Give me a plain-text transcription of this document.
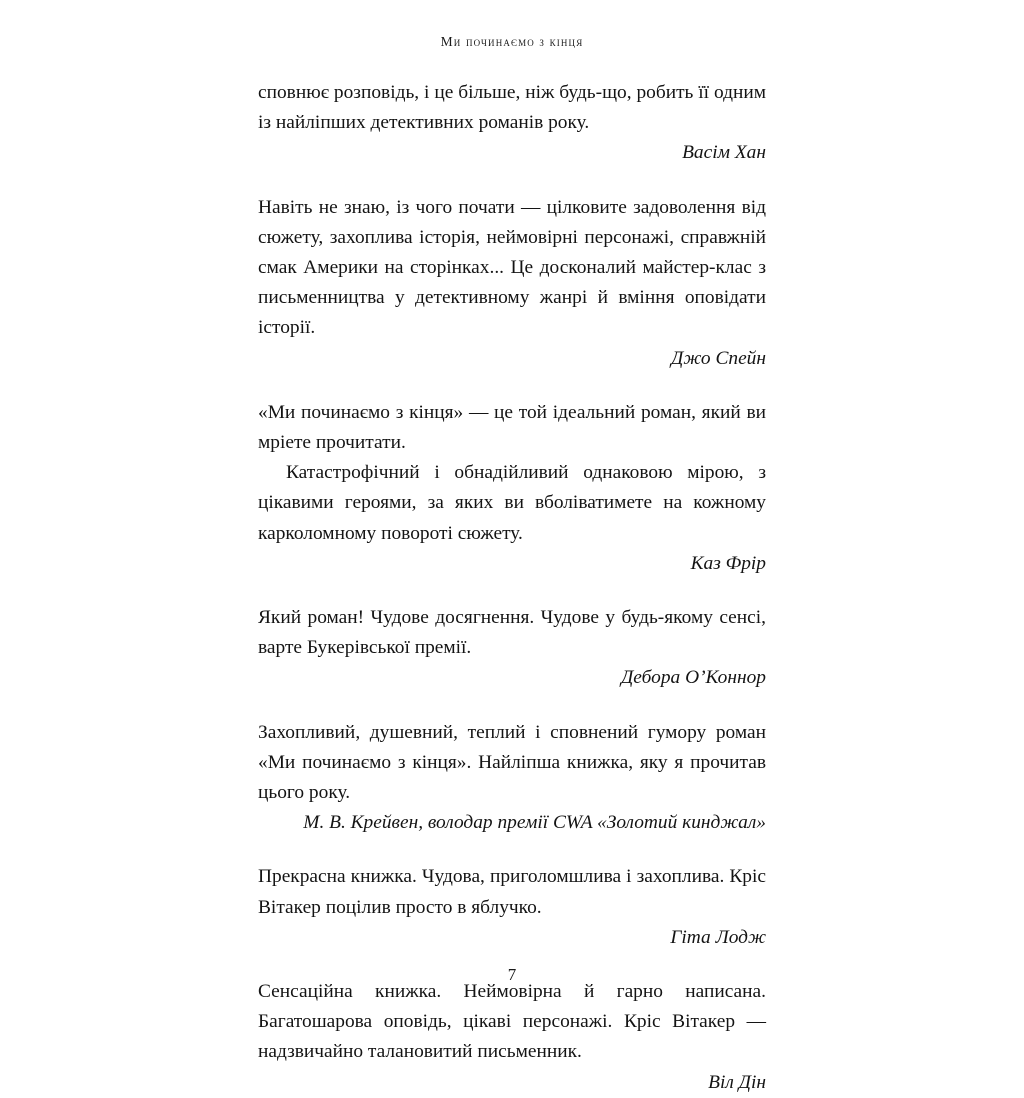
Ми починаємо з кінця

сповнює розповідь, і це більше, ніж будь-що, робить її одним із найліпших детективних романів року.

Васім Хан

Навіть не знаю, із чого почати — цілковите задоволення від сюжету, захоплива історія, неймовірні персонажі, справжній смак Америки на сторінках... Це досконалий майстер-клас з письменництва у детективному жанрі й вміння оповідати історії.

Джо Спейн

«Ми починаємо з кінця» — це той ідеальний роман, який ви мріете прочитати.

Катастрофічний і обнадійливий однаковою мірою, з цікавими героями, за яких ви вболіватимете на кожному карколомному повороті сюжету.

Каз Фрір

Який роман! Чудове досягнення. Чудове у будь-якому сенсі, варте Букерівської премії.

Дебора О’Коннор

Захопливий, душевний, теплий і сповнений гумору роман «Ми починаємо з кінця». Найліпша книжка, яку я прочитав цього року.

М. В. Крейвен, володар премії CWA «Золотий кинджал»

Прекрасна книжка. Чудова, приголомшлива і захоплива. Кріс Вітакер поцілив просто в яблучко.

Гіта Лодж

Сенсаційна книжка. Неймовірна й гарно написана. Багатошарова оповідь, цікаві персонажі. Кріс Вітакер — надзвичайно талановитий письменник.

Віл Дін

7
